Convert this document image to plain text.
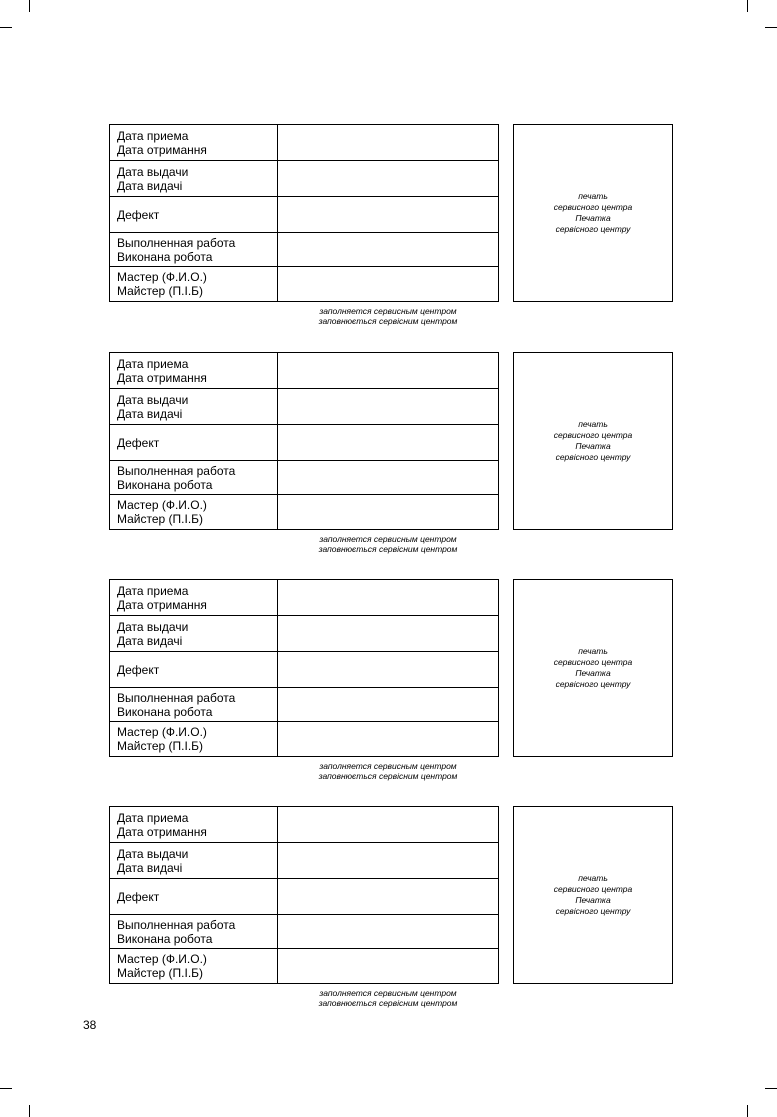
Дата приема
Дата отримання
Дата выдачи
Дата видачі
Дефект
Выполненная работа
Виконана робота
Мастер (Ф.И.О.)
Майстер (П.І.Б)
печать
сервисного центра
Печатка
сервісного центру
заполняется сервисным центром
заповнюється сервісним центром
Дата приема
Дата отримання
Дата выдачи
Дата видачі
Дефект
Выполненная работа
Виконана робота
Мастер (Ф.И.О.)
Майстер (П.І.Б)
печать
сервисного центра
Печатка
сервісного центру
заполняется сервисным центром
заповнюється сервісним центром
Дата приема
Дата отримання
Дата выдачи
Дата видачі
Дефект
Выполненная работа
Виконана робота
Мастер (Ф.И.О.)
Майстер (П.І.Б)
печать
сервисного центра
Печатка
сервісного центру
заполняется сервисным центром
заповнюється сервісним центром
Дата приема
Дата отримання
Дата выдачи
Дата видачі
Дефект
Выполненная работа
Виконана робота
Мастер (Ф.И.О.)
Майстер (П.І.Б)
печать
сервисного центра
Печатка
сервісного центру
заполняется сервисным центром
заповнюється сервісним центром
38
